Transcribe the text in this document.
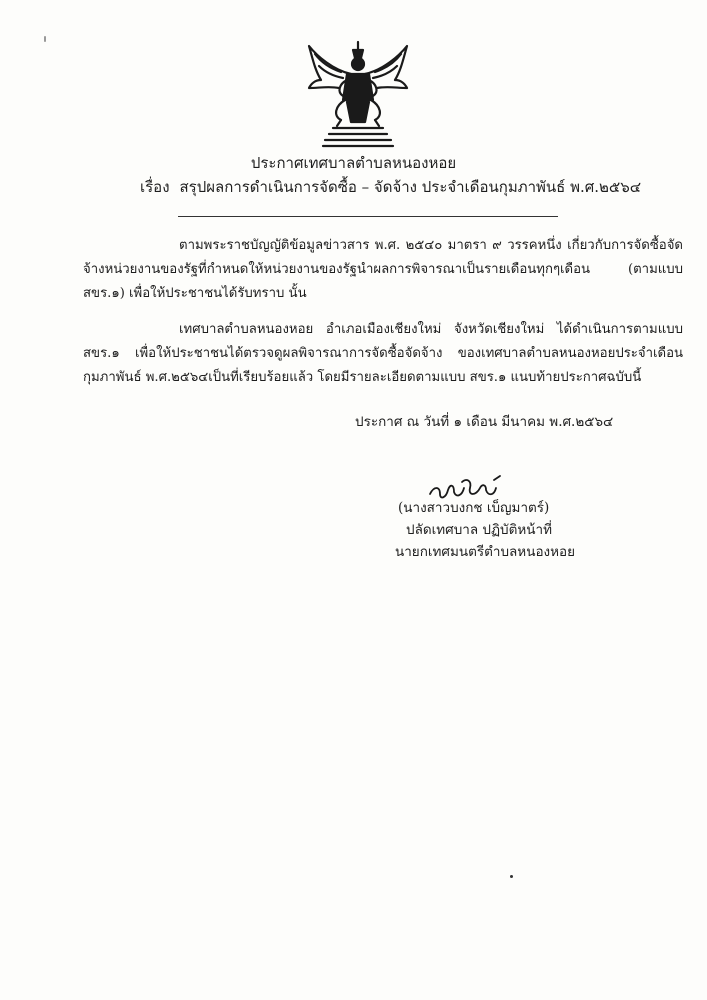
ประกาศเทศบาลตำบลหนองหอย
เรื่อง สรุปผลการดำเนินการจัดซื้อ – จัดจ้าง ประจำเดือนกุมภาพันธ์ พ.ศ.๒๕๖๔
ตามพระราชบัญญัติข้อมูลข่าวสาร พ.ศ. ๒๕๔๐ มาตรา ๙ วรรคหนึ่ง เกี่ยวกับการจัดซื้อจัดจ้างหน่วยงานของรัฐที่กำหนดให้หน่วยงานของรัฐนำผลการพิจารณาเป็นรายเดือนทุกๆเดือน (ตามแบบ สขร.๑) เพื่อให้ประชาชนได้รับทราบ นั้น
เทศบาลตำบลหนองหอย อำเภอเมืองเชียงใหม่ จังหวัดเชียงใหม่ ได้ดำเนินการตามแบบ สขร.๑ เพื่อให้ประชาชนได้ตรวจดูผลพิจารณาการจัดซื้อจัดจ้าง ของเทศบาลตำบลหนองหอยประจำเดือนกุมภาพันธ์ พ.ศ.๒๕๖๔เป็นที่เรียบร้อยแล้ว โดยมีรายละเอียดตามแบบ สขร.๑ แนบท้ายประกาศฉบับนี้
ประกาศ ณ วันที่ ๑ เดือน มีนาคม พ.ศ.๒๕๖๔
(นางสาวบงกช เบ็ญมาตร์)
ปลัดเทศบาล ปฏิบัติหน้าที่
นายกเทศมนตรีตำบลหนองหอย
